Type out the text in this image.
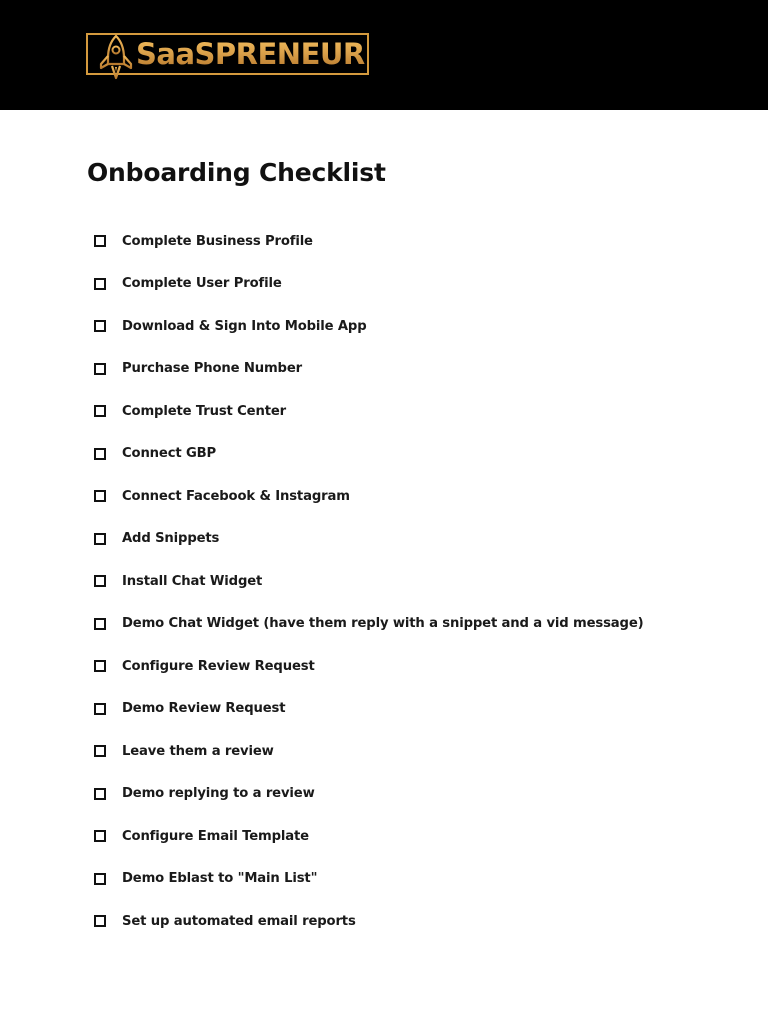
SaaSPRENEUR
Onboarding Checklist
Complete Business Profile
Complete User Profile
Download & Sign Into Mobile App
Purchase Phone Number
Complete Trust Center
Connect GBP
Connect Facebook & Instagram
Add Snippets
Install Chat Widget
Demo Chat Widget (have them reply with a snippet and a vid message)
Configure Review Request
Demo Review Request
Leave them a review
Demo replying to a review
Configure Email Template
Demo Eblast to "Main List"
Set up automated email reports
